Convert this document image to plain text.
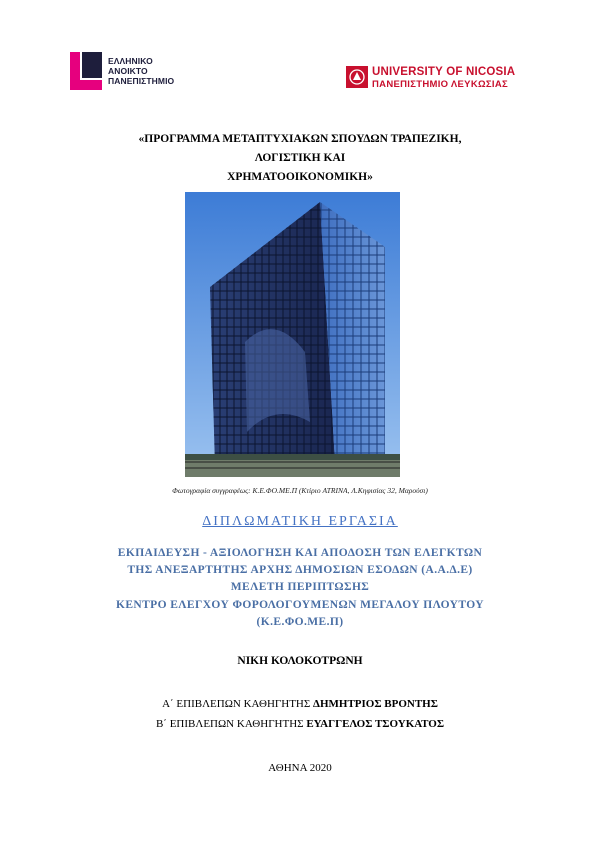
ΕΛΛΗΝΙΚΟ
ΑΝΟΙΚΤΟ
ΠΑΝΕΠΙΣΤΗΜΙΟ
UNIVERSITY OF NICOSIA
ΠΑΝΕΠΙΣΤΗΜΙΟ ΛΕΥΚΩΣΙΑΣ
«ΠΡΟΓΡΑΜΜΑ ΜΕΤΑΠΤΥΧΙΑΚΩΝ ΣΠΟΥΔΩΝ ΤΡΑΠΕΖΙΚΗ,
ΛΟΓΙΣΤΙΚΗ ΚΑΙ
ΧΡΗΜΑΤΟΟΙΚΟΝΟΜΙΚΗ»
Φωτογραφία συγγραφέως: Κ.Ε.ΦΟ.ΜΕ.Π (Κτίριο ATRINA, Λ.Κηφισίας 32, Μαρούσι)
ΔΙΠΛΩΜΑΤΙΚΗ ΕΡΓΑΣΙΑ
ΕΚΠΑΙΔΕΥΣΗ - ΑΞΙΟΛΟΓΗΣΗ ΚΑΙ ΑΠΟΔΟΣΗ ΤΩΝ ΕΛΕΓΚΤΩΝ
ΤΗΣ ΑΝΕΞΑΡΤΗΤΗΣ ΑΡΧΗΣ ΔΗΜΟΣΙΩΝ ΕΣΟΔΩΝ (Α.Α.Δ.Ε)
ΜΕΛΕΤΗ ΠΕΡΙΠΤΩΣΗΣ
ΚΕΝΤΡΟ ΕΛΕΓΧΟΥ ΦΟΡΟΛΟΓΟΥΜΕΝΩΝ ΜΕΓΑΛΟΥ ΠΛΟΥΤΟΥ
(Κ.Ε.ΦΟ.ΜΕ.Π)
ΝΙΚΗ ΚΟΛΟΚΟΤΡΩΝΗ
Α΄ ΕΠΙΒΛΕΠΩΝ ΚΑΘΗΓΗΤΗΣ ΔΗΜΗΤΡΙΟΣ ΒΡΟΝΤΗΣ
Β΄ ΕΠΙΒΛΕΠΩΝ ΚΑΘΗΓΗΤΗΣ ΕΥΑΓΓΕΛΟΣ ΤΣΟΥΚΑΤΟΣ
ΑΘΗΝΑ 2020
